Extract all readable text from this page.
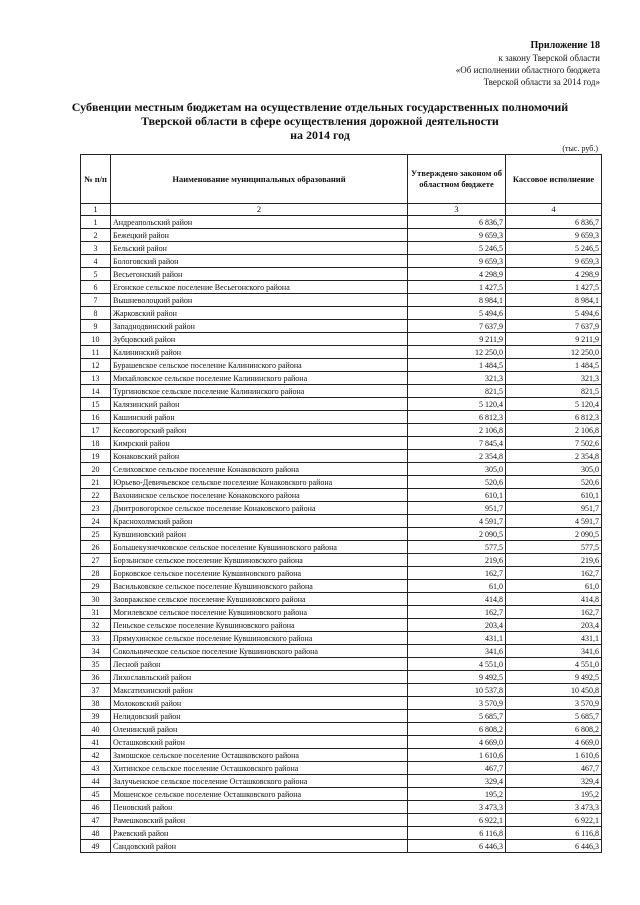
Приложение 18
к закону Тверской области
«Об исполнении областного бюджета
Тверской области за 2014 год»
Субвенции местным бюджетам на осуществление отдельных государственных полномочий
Тверской области в сфере осуществления дорожной деятельности
на 2014 год
(тыс. руб.)
№ п/п	Наименование муниципальных образований	Утверждено законом об областном бюджете	Кассовое исполнение
1	2	3	4
1	Андреапольский район	6 836,7	6 836,7
2	Бежецкий район	9 659,3	9 659,3
3	Бельский район	5 246,5	5 246,5
4	Бологовский район	9 659,3	9 659,3
5	Весьегонский район	4 298,9	4 298,9
6	Егонское сельское поселение Весьегонского района	1 427,5	1 427,5
7	Вышневолоцкий район	8 984,1	8 984,1
8	Жарковский район	5 494,6	5 494,6
9	Западнодвинский район	7 637,9	7 637,9
10	Зубцовский район	9 211,9	9 211,9
11	Калининский район	12 250,0	12 250,0
12	Бурашевское сельское поселение Калининского района	1 484,5	1 484,5
13	Михайловское сельское поселение Калининского района	321,3	321,3
14	Тургиновское сельское поселение Калининского района	821,5	821,5
15	Калязинский район	5 120,4	5 120,4
16	Кашинский район	6 812,3	6 812,3
17	Кесовогорский район	2 106,8	2 106,8
18	Кимрский район	7 845,4	7 502,6
19	Конаковский район	2 354,8	2 354,8
20	Селиховское сельское поселение Конаковского района	305,0	305,0
21	Юрьево-Девичьевское сельское поселение Конаковского района	520,6	520,6
22	Вахонинское сельское поселение Конаковского района	610,1	610,1
23	Дмитровогорское сельское поселение Конаковского района	951,7	951,7
24	Краснохолмский район	4 591,7	4 591,7
25	Кувшиновский район	2 090,5	2 090,5
26	Большекузнечковское сельское поселение Кувшиновского района	577,5	577,5
27	Борзынское сельское поселение Кувшиновского района	219,6	219,6
28	Борковское сельское поселение Кувшиновского района	162,7	162,7
29	Васильковское сельское поселение Кувшиновского района	61,0	61,0
30	Заовражское сельское поселение Кувшиновского района	414,8	414,8
31	Могилевское сельское поселение Кувшиновского района	162,7	162,7
32	Пеньское сельское поселение Кувшиновского района	203,4	203,4
33	Прямухинское сельское поселение Кувшиновского района	431,1	431,1
34	Сокольническое сельское поселение Кувшиновского района	341,6	341,6
35	Лесной район	4 551,0	4 551,0
36	Лихославльский район	9 492,5	9 492,5
37	Максатихинский район	10 537,8	10 450,8
38	Молоковский район	3 570,9	3 570,9
39	Нелидовский район	5 685,7	5 685,7
40	Оленинский район	6 808,2	6 808,2
41	Осташковский район	4 669,0	4 669,0
42	Замошское сельское поселение Осташковского района	1 610,6	1 610,6
43	Хитинское сельское поселение Осташковского района	467,7	467,7
44	Залучьенское сельское поселение Осташковского района	329,4	329,4
45	Мошенское сельское поселение Осташковского района	195,2	195,2
46	Пеновский район	3 473,3	3 473,3
47	Рамешковский район	6 922,1	6 922,1
48	Ржевский район	6 116,8	6 116,8
49	Сандовский район	6 446,3	6 446,3
